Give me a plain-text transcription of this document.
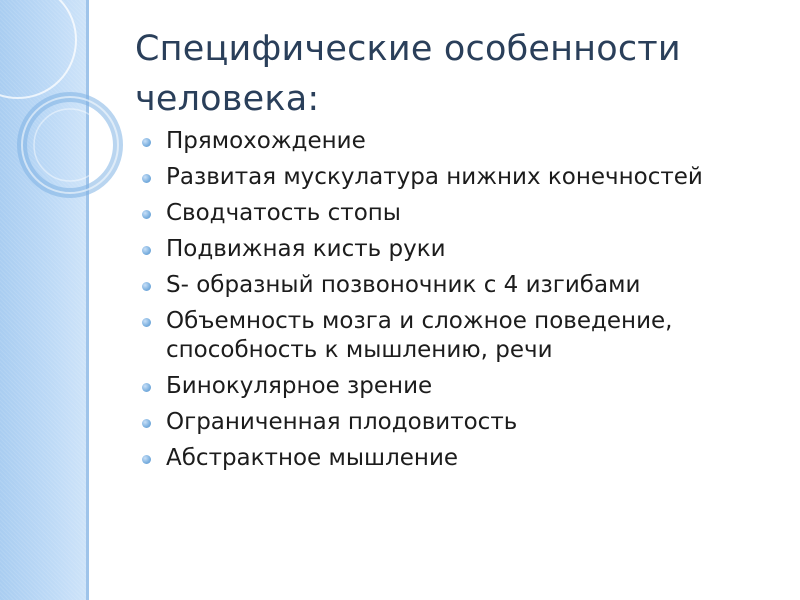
Специфические особенности человека:
Прямохождение
Развитая мускулатура нижних конечностей
Сводчатость стопы
Подвижная кисть руки
S- образный позвоночник с 4 изгибами
Объемность мозга и сложное поведение, способность к мышлению, речи
Бинокулярное зрение
Ограниченная плодовитость
Абстрактное мышление
